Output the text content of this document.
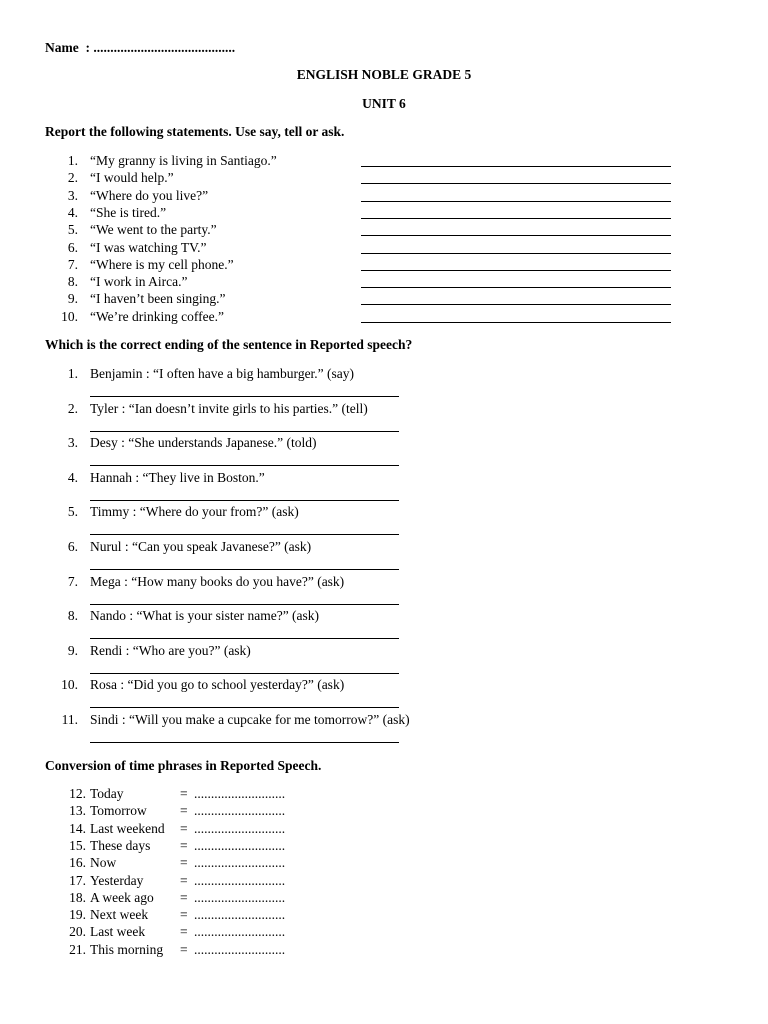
Name : ..........................................
ENGLISH NOBLE GRADE 5
UNIT 6
Report the following statements. Use say, tell or ask.
1. “My granny is living in Santiago.”
2. “I would help.”
3. “Where do you live?”
4. “She is tired.”
5. “We went to the party.”
6. “I was watching TV.”
7. “Where is my cell phone.”
8. “I work in Airca.”
9. “I haven’t been singing.”
10. “We’re drinking coffee.”
Which is the correct ending of the sentence in Reported speech?
1. Benjamin : “I often have a big hamburger.” (say)
2. Tyler : “Ian doesn’t invite girls to his parties.” (tell)
3. Desy : “She understands Japanese.” (told)
4. Hannah : “They live in Boston.”
5. Timmy : “Where do your from?” (ask)
6. Nurul : “Can you speak Javanese?” (ask)
7. Mega : “How many books do you have?” (ask)
8. Nando : “What is your sister name?” (ask)
9. Rendi : “Who are you?” (ask)
10. Rosa : “Did you go to school yesterday?” (ask)
11. Sindi : “Will you make a cupcake for me tomorrow?” (ask)
Conversion of time phrases in Reported Speech.
12. Today	= ...........................
13. Tomorrow = ...........................
14. Last weekend = ...........................
15. These days = ...........................
16. Now	= ...........................
17. Yesterday	= ...........................
18. A week ago = ...........................
19. Next week = ...........................
20. Last week	= ...........................
21. This morning = ...........................
